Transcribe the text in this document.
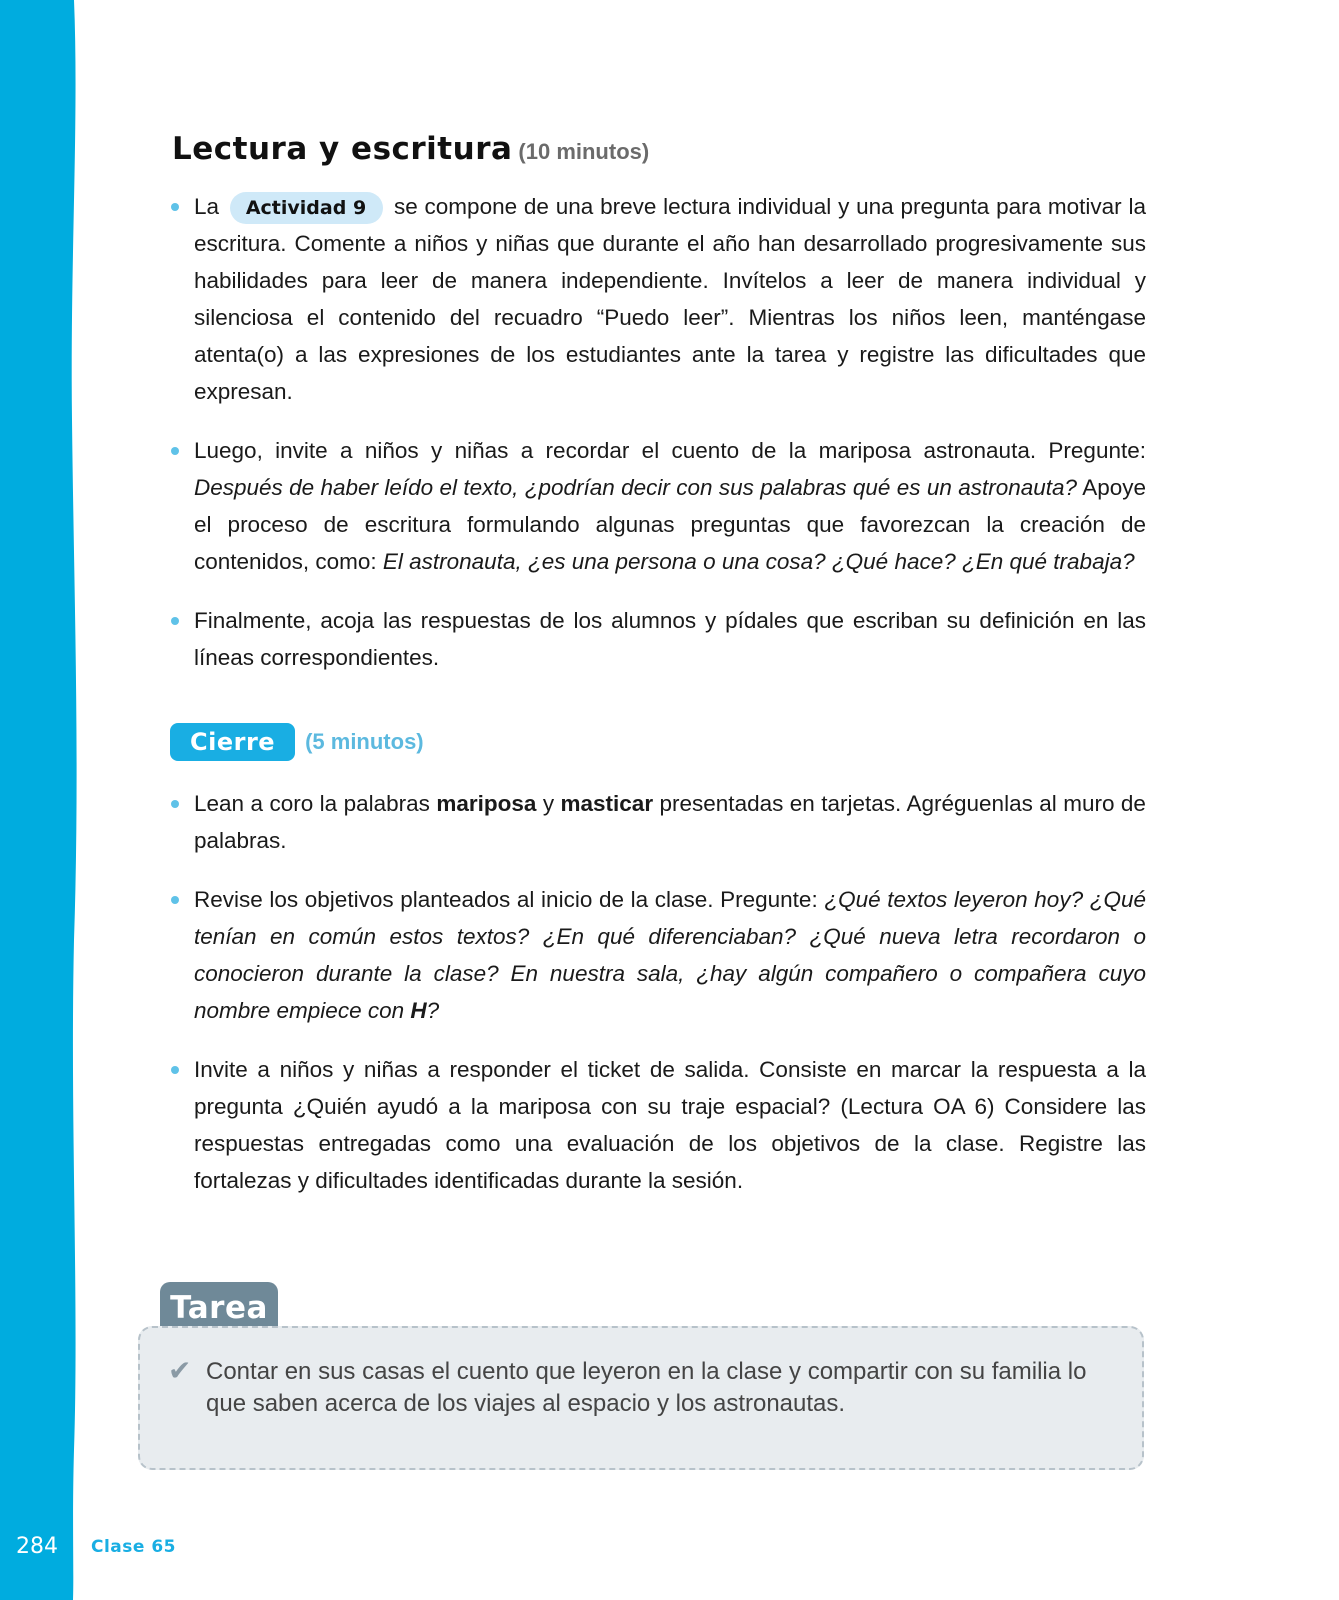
Lectura y escritura (10 minutos)
La Actividad 9 se compone de una breve lectura individual y una pregunta para motivar la escritura. Comente a niños y niñas que durante el año han desarrollado progresivamente sus habilidades para leer de manera independiente. Invítelos a leer de manera individual y silenciosa el contenido del recuadro “Puedo leer”. Mientras los niños leen, manténgase atenta(o) a las expresiones de los estudiantes ante la tarea y registre las dificultades que expresan.
Luego, invite a niños y niñas a recordar el cuento de la mariposa astronauta. Pregunte: Después de haber leído el texto, ¿podrían decir con sus palabras qué es un astronauta? Apoye el proceso de escritura formulando algunas preguntas que favorezcan la creación de contenidos, como: El astronauta, ¿es una persona o una cosa? ¿Qué hace? ¿En qué trabaja?
Finalmente, acoja las respuestas de los alumnos y pídales que escriban su definición en las líneas correspondientes.
Cierre (5 minutos)
Lean a coro la palabras mariposa y masticar presentadas en tarjetas. Agréguenlas al muro de palabras.
Revise los objetivos planteados al inicio de la clase. Pregunte: ¿Qué textos leyeron hoy? ¿Qué tenían en común estos textos? ¿En qué diferenciaban? ¿Qué nueva letra recordaron o conocieron durante la clase? En nuestra sala, ¿hay algún compañero o compañera cuyo nombre empiece con H?
Invite a niños y niñas a responder el ticket de salida. Consiste en marcar la respuesta a la pregunta ¿Quién ayudó a la mariposa con su traje espacial? (Lectura OA 6) Considere las respuestas entregadas como una evaluación de los objetivos de la clase. Registre las fortalezas y dificultades identificadas durante la sesión.
Tarea
✔ Contar en sus casas el cuento que leyeron en la clase y compartir con su familia lo que saben acerca de los viajes al espacio y los astronautas.
284 Clase 65
